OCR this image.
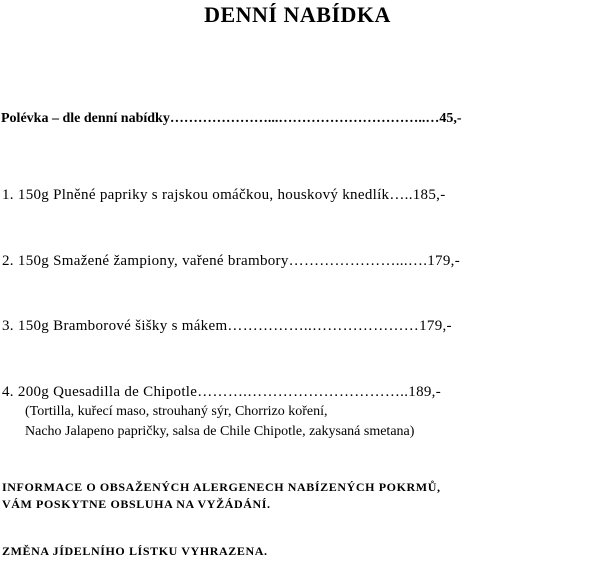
DENNÍ NABÍDKA
Polévka – dle denní nabídky…………………...…………………………..…45,-
1. 150g Plněné papriky s rajskou omáčkou, houskový knedlík…..185,-
2. 150g Smažené žampiony, vařené brambory…………………...….179,-
3. 150g Bramborové šišky s mákem……………..…………………179,-
4. 200g Quesadilla de Chipotle……….…………………………..189,-
(Tortilla, kuřecí maso, strouhaný sýr, Chorrizo koření,
Nacho Jalapeno papričky, salsa de Chile Chipotle, zakysaná smetana)
INFORMACE O OBSAŽENÝCH ALERGENECH NABÍZENÝCH POKRMŮ,
VÁM POSKYTNE OBSLUHA NA VYŽÁDÁNÍ.
ZMĚNA JÍDELNÍHO LÍSTKU VYHRAZENA.
